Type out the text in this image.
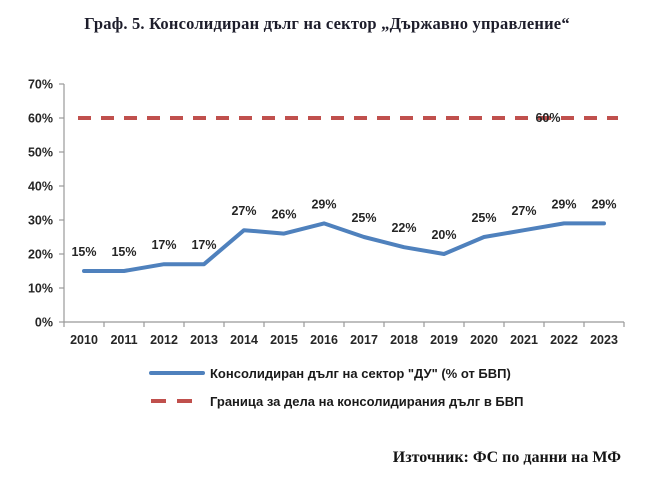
Граф. 5. Консолидиран дълг на сектор „Държавно управление“
0%
10%
20%
30%
40%
50%
60%
70%
2010 2011 2012 2013 2014 2015 2016 2017 2018 2019 2020 2021 2022 2023
60%
15% 15% 17% 17%
27% 26%
29%
25%
22% 20%
25% 27% 29% 29%
Консолидиран дълг на сектор "ДУ" (% от БВП)
Граница за дела на консолидирания дълг в БВП
Източник: ФС по данни на МФ
